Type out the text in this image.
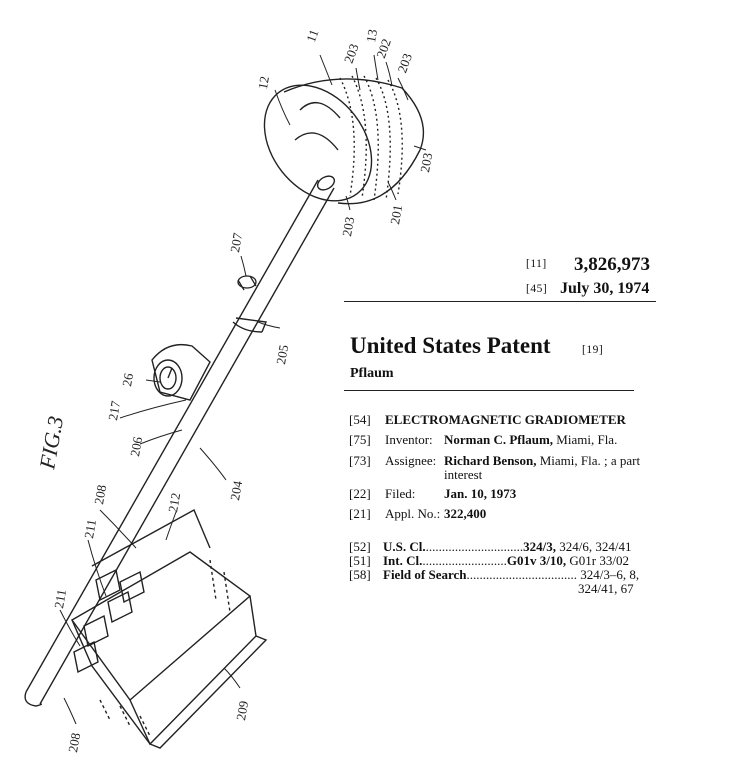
12
11
203
13
202
203
203
201
203
207
205
26
217
206
204
212
208
211
211
209
208
FIG.3
[11] 3,826,973
[45] July 30, 1974
United States Patent	[19]
Pflaum
[54] ELECTROMAGNETIC GRADIOMETER
[75] Inventor: Norman C. Pflaum, Miami, Fla.
[73] Assignee: Richard Benson, Miami, Fla. ; a part
interest
[22] Filed: Jan. 10, 1973
[21] Appl. No.: 322,400
[52] U.S. Cl...............................324/3, 324/6, 324/41
[51] Int. Cl...........................G01v 3/10, G01r 33/02
[58] Field of Search.................................. 324/3–6, 8,
324/41, 67
